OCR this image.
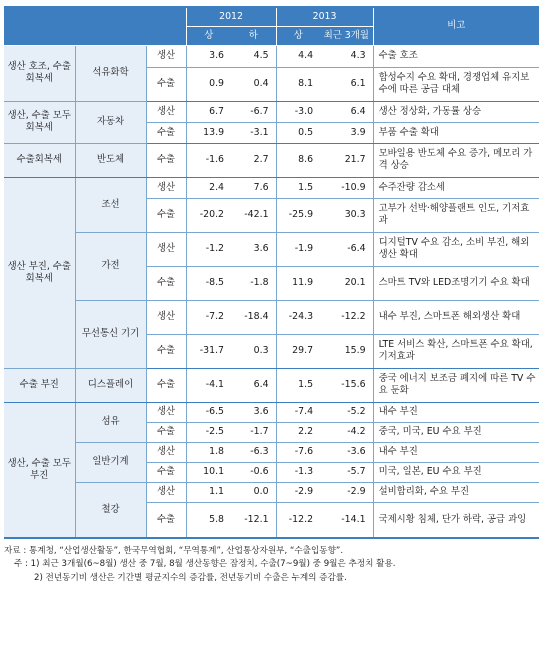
			2012		2013		비고
			상	하	상	최근 3개월	
생산 호조, 수출회복세	석유화학	생산	3.6	4.5	4.4	4.3	수출 호조
		수출	0.9	0.4	8.1	6.1	합성수지 수요 확대, 경쟁업체 유지보수에 따른 공급 대체
생산, 수출 모두 회복세	자동차	생산	6.7	-6.7	-3.0	6.4	생산 정상화, 가동률 상승
		수출	13.9	-3.1	0.5	3.9	부품 수출 확대
수출회복세	반도체	수출	-1.6	2.7	8.6	21.7	모바일용 반도체 수요 증가, 메모리 가격 상승
생산 부진, 수출회복세	조선	생산	2.4	7.6	1.5	-10.9	수주잔량 감소세
		수출	-20.2	-42.1	-25.9	30.3	고부가 선박·해양플랜트 인도, 기저효과
	가전	생산	-1.2	3.6	-1.9	-6.4	디지털TV 수요 감소, 소비 부진, 해외생산 확대
		수출	-8.5	-1.8	11.9	20.1	스마트 TV와 LED조명기기 수요 확대
	무선통신 기기	생산	-7.2	-18.4	-24.3	-12.2	내수 부진, 스마트폰 해외생산 확대
		수출	-31.7	0.3	29.7	15.9	LTE 서비스 확산, 스마트폰 수요 확대, 기저효과
수출 부진	디스플레이	수출	-4.1	6.4	1.5	-15.6	중국 에너지 보조금 폐지에 따른 TV 수요 둔화
생산, 수출 모두 부진	섬유	생산	-6.5	3.6	-7.4	-5.2	내수 부진
		수출	-2.5	-1.7	2.2	-4.2	중국, 미국, EU 수요 부진
	일반기계	생산	1.8	-6.3	-7.6	-3.6	내수 부진
		수출	10.1	-0.6	-1.3	-5.7	미국, 일본, EU 수요 부진
	철강	생산	1.1	0.0	-2.9	-2.9	설비합리화, 수요 부진
		수출	5.8	-12.1	-12.2	-14.1	국제시황 침체, 단가 하락, 공급 과잉
자료 : 통계청, “산업생산활동”, 한국무역협회, “무역통계”, 산업통상자원부, “수출입동향”.
주 : 1) 최근 3개월(6~8월) 생산 중 7월, 8월 생산동향은 잠정치, 수출(7~9월) 중 9월은 추정치 활용.
2) 전년동기비 생산은 기간별 평균지수의 증감률, 전년동기비 수출은 누계의 증감률.
